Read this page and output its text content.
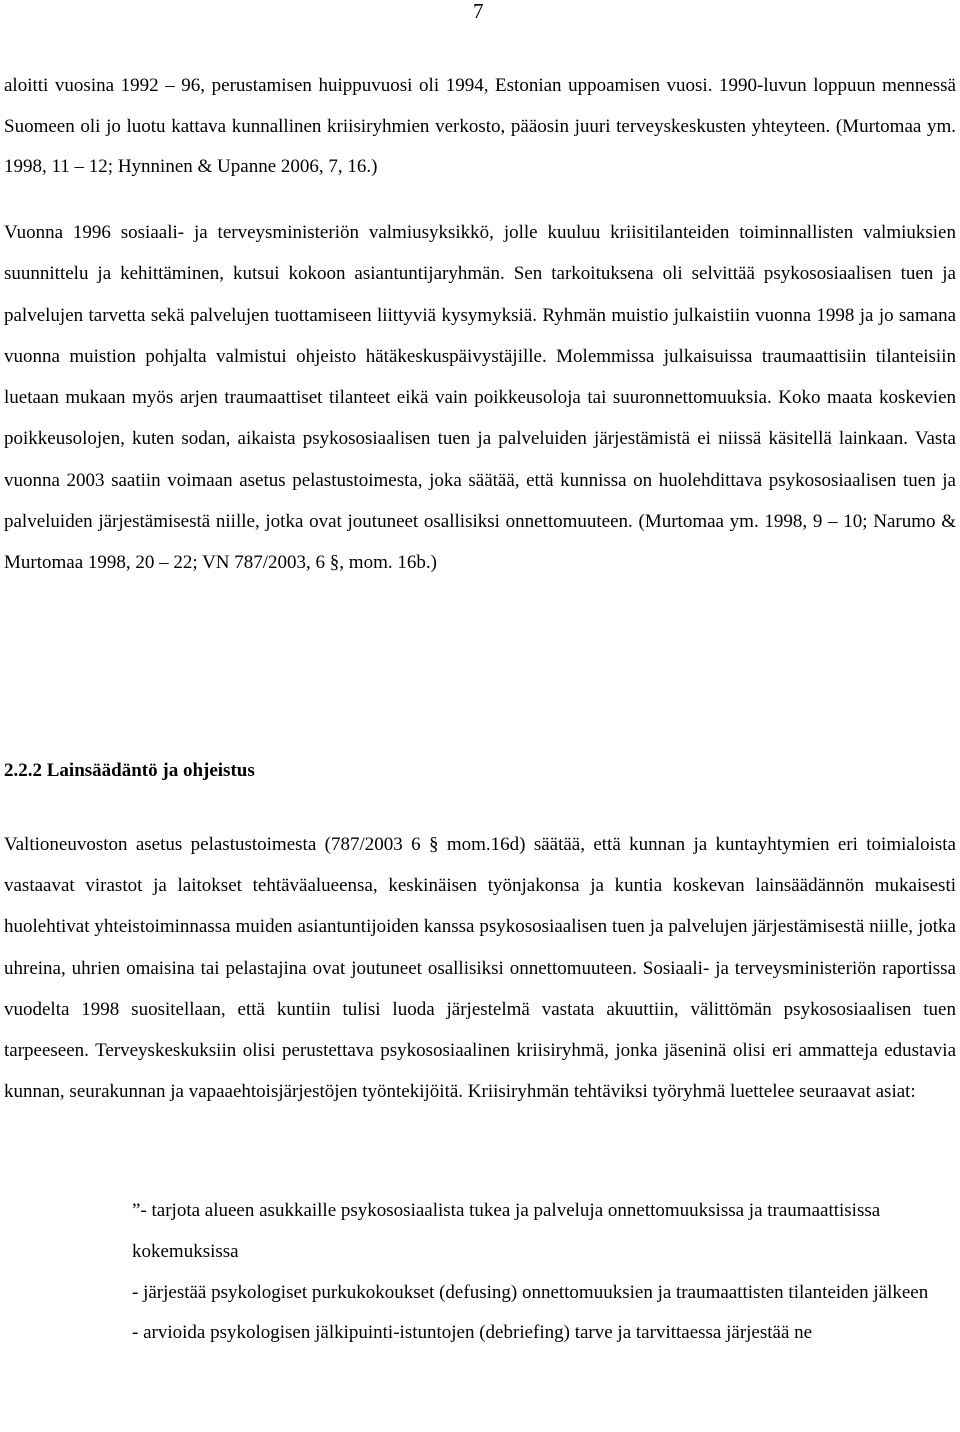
7

aloitti vuosina 1992 – 96, perustamisen huippuvuosi oli 1994, Estonian uppoamisen vuosi. 1990-luvun loppuun mennessä Suomeen oli jo luotu kattava kunnallinen kriisiryhmien verkosto, pääosin juuri terveyskeskusten yhteyteen. (Murtomaa ym. 1998, 11 – 12; Hynninen & Upanne 2006, 7, 16.)

Vuonna 1996 sosiaali- ja terveysministeriön valmiusyksikkö, jolle kuuluu kriisitilanteiden toiminnallisten valmiuksien suunnittelu ja kehittäminen, kutsui kokoon asiantuntijaryhmän. Sen tarkoituksena oli selvittää psykososiaalisen tuen ja palvelujen tarvetta sekä palvelujen tuottamiseen liittyviä kysymyksiä. Ryhmän muistio julkaistiin vuonna 1998 ja jo samana vuonna muistion pohjalta valmistui ohjeisto hätäkeskuspäivystäjille. Molemmissa julkaisuissa traumaattisiin tilanteisiin luetaan mukaan myös arjen traumaattiset tilanteet eikä vain poikkeusoloja tai suuronnettomuuksia. Koko maata koskevien poikkeusolojen, kuten sodan, aikaista psykososiaalisen tuen ja palveluiden järjestämistä ei niissä käsitellä lainkaan. Vasta vuonna 2003 saatiin voimaan asetus pelastustoimesta, joka säätää, että kunnissa on huolehdittava psykososiaalisen tuen ja palveluiden järjestämisestä niille, jotka ovat joutuneet osallisiksi onnettomuuteen. (Murtomaa ym. 1998, 9 – 10; Narumo & Murtomaa 1998, 20 – 22; VN 787/2003, 6 §, mom. 16b.)

2.2.2 Lainsäädäntö ja ohjeistus

Valtioneuvoston asetus pelastustoimesta (787/2003 6 § mom.16d) säätää, että kunnan ja kuntayhtymien eri toimialoista vastaavat virastot ja laitokset tehtäväalueensa, keskinäisen työnjakonsa ja kuntia koskevan lainsäädännön mukaisesti huolehtivat yhteistoiminnassa muiden asiantuntijoiden kanssa psykososiaalisen tuen ja palvelujen järjestämisestä niille, jotka uhreina, uhrien omaisina tai pelastajina ovat joutuneet osallisiksi onnettomuuteen. Sosiaali- ja terveysministeriön raportissa vuodelta 1998 suositellaan, että kuntiin tulisi luoda järjestelmä vastata akuuttiin, välittömän psykososiaalisen tuen tarpeeseen. Terveyskeskuksiin olisi perustettava psykososiaalinen kriisiryhmä, jonka jäseninä olisi eri ammatteja edustavia kunnan, seurakunnan ja vapaaehtoisjärjestöjen työntekijöitä. Kriisiryhmän tehtäviksi työryhmä luettelee seuraavat asiat:

”- tarjota alueen asukkaille psykososiaalista tukea ja palveluja onnettomuuksissa ja traumaattisissa kokemuksissa
- järjestää psykologiset purkukokoukset (defusing) onnettomuuksien ja traumaattisten tilanteiden jälkeen
- arvioida psykologisen jälkipuinti-istuntojen (debriefing) tarve ja tarvittaessa järjestää ne
